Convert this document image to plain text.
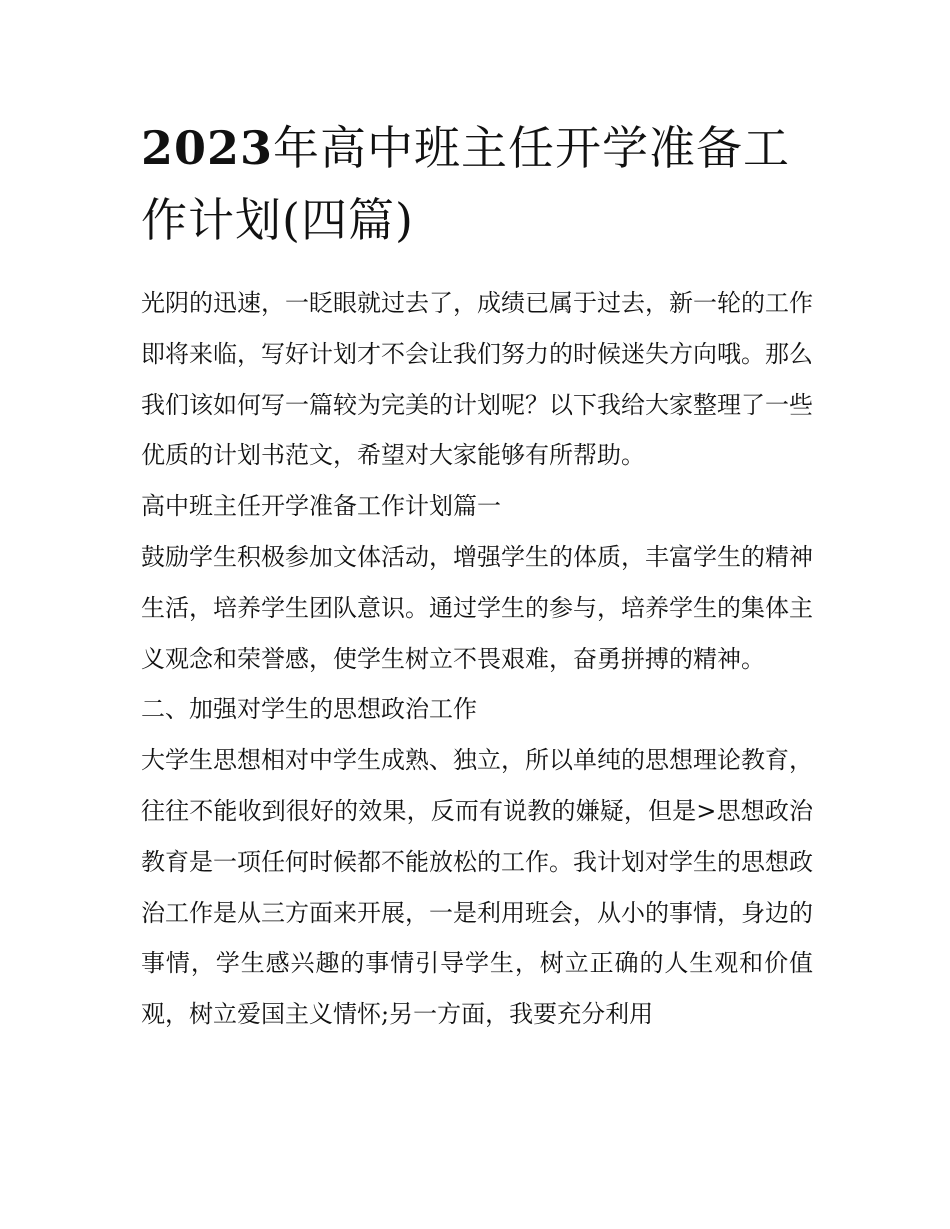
2023年高中班主任开学准备工作计划(四篇)

光阴的迅速，一眨眼就过去了，成绩已属于过去，新一轮的工作即将来临，写好计划才不会让我们努力的时候迷失方向哦。那么我们该如何写一篇较为完美的计划呢？以下我给大家整理了一些优质的计划书范文，希望对大家能够有所帮助。

高中班主任开学准备工作计划篇一

鼓励学生积极参加文体活动，增强学生的体质，丰富学生的精神生活，培养学生团队意识。通过学生的参与，培养学生的集体主义观念和荣誉感，使学生树立不畏艰难，奋勇拼搏的精神。

二、加强对学生的思想政治工作

大学生思想相对中学生成熟、独立，所以单纯的思想理论教育，往往不能收到很好的效果，反而有说教的嫌疑，但是>思想政治教育是一项任何时候都不能放松的工作。我计划对学生的思想政治工作是从三方面来开展，一是利用班会，从小的事情，身边的事情，学生感兴趣的事情引导学生，树立正确的人生观和价值观，树立爱国主义情怀;另一方面，我要充分利用
